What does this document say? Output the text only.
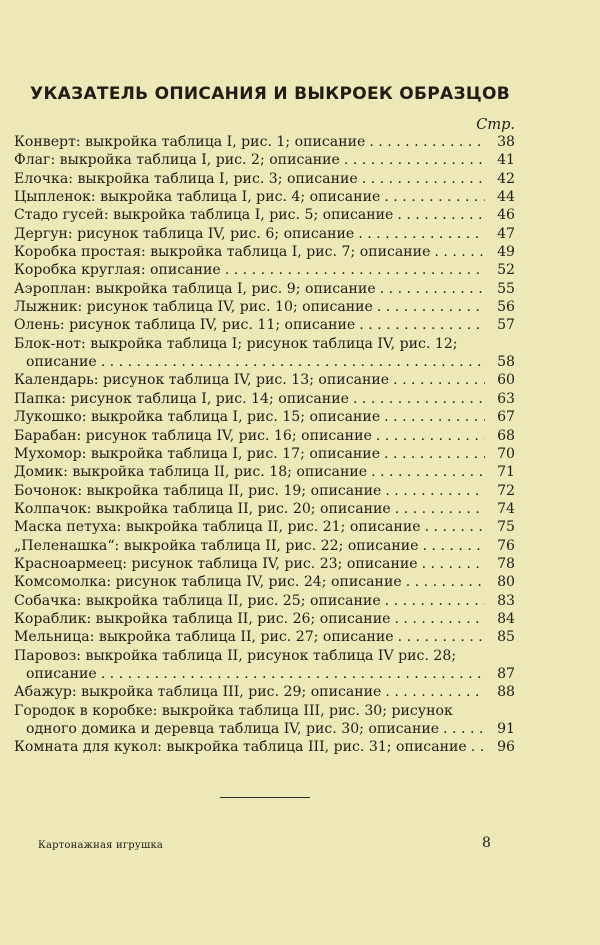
УКАЗАТЕЛЬ ОПИСАНИЯ И ВЫКРОЕК ОБРАЗЦОВ
Стр.
Конверт: выкройка таблица I, рис. 1; описание . . .	38
Флаг: выкройка таблица I, рис. 2; описание . . .	41
Елочка: выкройка таблица I, рис. 3; описание . . .	42
Цыпленок: выкройка таблица I, рис. 4; описание . . .	44
Стадо гусей: выкройка таблица I, рис. 5; описание . . .	46
Дергун: рисунок таблица IV, рис. 6; описание . . .	47
Коробка простая: выкройка таблица I, рис. 7; описание . . .	49
Коробка круглая: описание . . .	52
Аэроплан: выкройка таблица I, рис. 9; описание . . .	55
Лыжник: рисунок таблица IV, рис. 10; описание . . .	56
Олень: рисунок таблица IV, рис. 11; описание . . .	57
Блок-нот: выкройка таблица I; рисунок таблица IV, рис. 12;
описание . . .	58
Календарь: рисунок таблица IV, рис. 13; описание . . .	60
Папка: рисунок таблица I, рис. 14; описание . . .	63
Лукошко: выкройка таблица I, рис. 15; описание . . .	67
Барабан: рисунок таблица IV, рис. 16; описание . . .	68
Мухомор: выкройка таблица I, рис. 17; описание . . .	70
Домик: выкройка таблица II, рис. 18; описание . . .	71
Бочонок: выкройка таблица II, рис. 19; описание . . .	72
Колпачок: выкройка таблица II, рис. 20; описание . . .	74
Маска петуха: выкройка таблица II, рис. 21; описание . . .	75
„Пеленашка“: выкройка таблица II, рис. 22; описание . . .	76
Красноармеец: рисунок таблица IV, рис. 23; описание . . .	78
Комсомолка: рисунок таблица IV, рис. 24; описание . . .	80
Собачка: выкройка таблица II, рис. 25; описание . . .	83
Кораблик: выкройка таблица II, рис. 26; описание . . .	84
Мельница: выкройка таблица II, рис. 27; описание . . .	85
Паровоз: выкройка таблица II, рисунок таблица IV рис. 28;
описание . . .	87
Абажур: выкройка таблица III, рис. 29; описание . . .	88
Городок в коробке: выкройка таблица III, рис. 30; рисунок
одного домика и деревца таблица IV, рис. 30; описание . . .	91
Комната для кукол: выкройка таблица III, рис. 31; описание . . .	96
Картонажная игрушка	8
